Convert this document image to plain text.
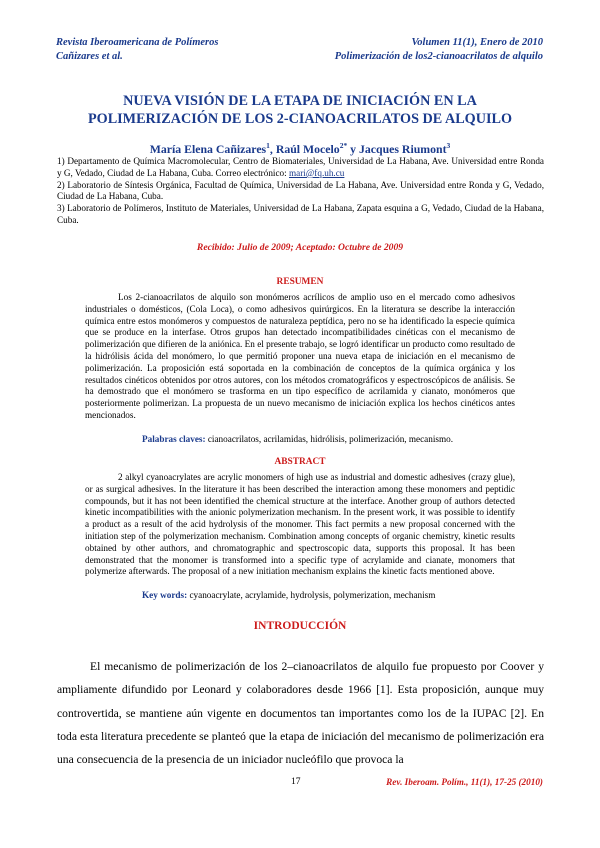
Revista Iberoamericana de Polímeros
Cañizares et al.
Volumen 11(1), Enero de 2010
Polimerización de los2-cianoacrilatos de alquilo
NUEVA VISIÓN DE LA ETAPA DE INICIACIÓN EN LA
POLIMERIZACIÓN DE LOS 2-CIANOACRILATOS DE ALQUILO
María Elena Cañizares$^1$, Raúl Mocelo$^{2*}$ y Jacques Riumont$^3$

1) Departamento de Química Macromolecular, Centro de Biomateriales, Universidad de La Habana, Ave. Universidad entre Ronda y G, Vedado, Ciudad de La Habana, Cuba. Correo electrónico: mari@fq.uh.cu

2) Laboratorio de Síntesis Orgánica, Facultad de Química, Universidad de La Habana, Ave. Universidad entre Ronda y G, Vedado, Ciudad de La Habana, Cuba.

3) Laboratorio de Polímeros, Instituto de Materiales, Universidad de La Habana, Zapata esquina a G, Vedado, Ciudad de la Habana, Cuba.

Recibido: Julio de 2009; Aceptado: Octubre de 2009
RESUMEN

Los 2-cianoacrilatos de alquilo son monómeros acrílicos de amplio uso en el mercado como adhesivos industriales o domésticos, (Cola Loca), o como adhesivos quirúrgicos. En la literatura se describe la interacción química entre estos monómeros y compuestos de naturaleza peptídica, pero no se ha identificado la especie química que se produce en la interfase. Otros grupos han detectado incompatibilidades cinéticas con el mecanismo de polimerización que difieren de la aniónica. En el presente trabajo, se logró identificar un producto como resultado de la hidrólisis ácida del monómero, lo que permitió proponer una nueva etapa de iniciación en el mecanismo de polimerización. La proposición está soportada en la combinación de conceptos de la química orgánica y los resultados cinéticos obtenidos por otros autores, con los métodos cromatográficos y espectroscópicos de análisis. Se ha demostrado que el monómero se trasforma en un tipo específico de acrilamida y cianato, monómeros que posteriormente polimerizan. La propuesta de un nuevo mecanismo de iniciación explica los hechos cinéticos antes mencionados.

Palabras claves: cianoacrilatos, acrilamidas, hidrólisis, polimerización, mecanismo.
ABSTRACT

2 alkyl cyanoacrylates are acrylic monomers of high use as industrial and domestic adhesives (crazy glue), or as surgical adhesives. In the literature it has been described the interaction among these monomers and peptidic compounds, but it has not been identified the chemical structure at the interface. Another group of authors detected kinetic incompatibilities with the anionic polymerization mechanism. In the present work, it was possible to identify a product as a result of the acid hydrolysis of the monomer. This fact permits a new proposal concerned with the initiation step of the polymerization mechanism. Combination among concepts of organic chemistry, kinetic results obtained by other authors, and chromatographic and spectroscopic data, supports this proposal. It has been demonstrated that the monomer is transformed into a specific type of acrylamide and cianate, monomers that polymerize afterwards. The proposal of a new initiation mechanism explains the kinetic facts mentioned above.

Key words: cyanoacrylate, acrylamide, hydrolysis, polymerization, mechanism
INTRODUCCIÓN

El mecanismo de polimerización de los 2–cianoacrilatos de alquilo fue propuesto por Coover y ampliamente difundido por Leonard y colaboradores desde 1966 [1]. Esta proposición, aunque muy controvertida, se mantiene aún vigente en documentos tan importantes como los de la IUPAC [2]. En toda esta literatura precedente se planteó que la etapa de iniciación del mecanismo de polimerización era una consecuencia de la presencia de un iniciador nucleófilo que provoca la

17	Rev. Iberoam. Polím., 11(1), 17-25 (2010)
